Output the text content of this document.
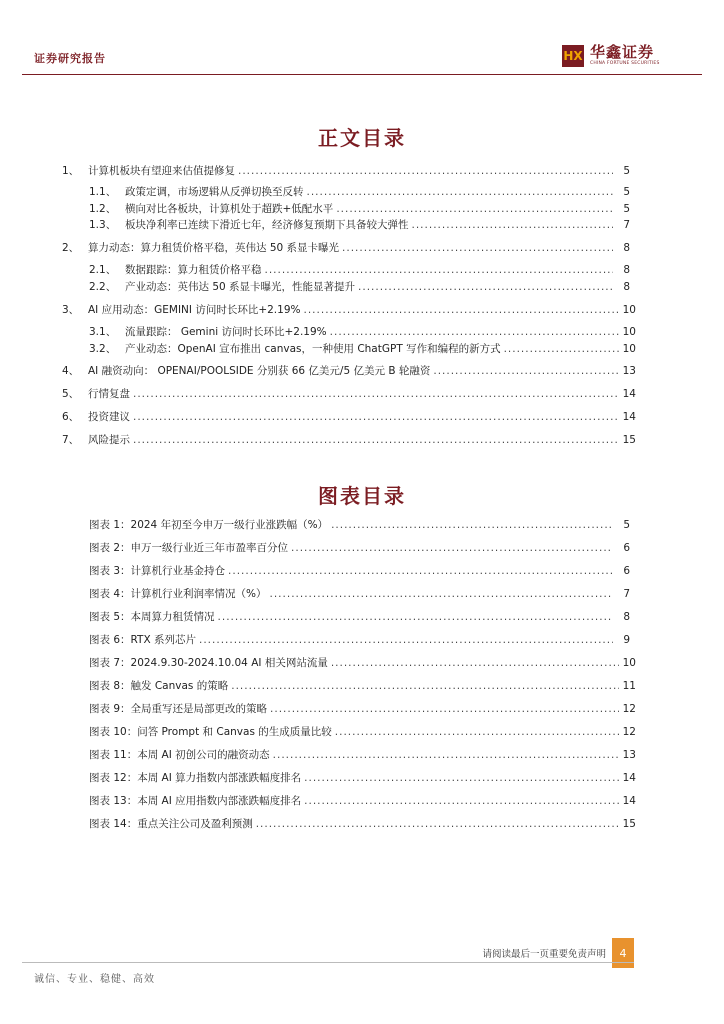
证券研究报告	HX 华鑫证券
CHINA FORTUNE SECURITIES
正文目录
1、 计算机板块有望迎来估值提修复 .....	5
1.1、 政策定调，市场逻辑从反弹切换至反转 .....	5
1.2、 横向对比各板块，计算机处于超跌+低配水平 .....	5
1.3、 板块净利率已连续下滑近七年，经济修复预期下具备较大弹性 .....	7
2、 算力动态：算力租赁价格平稳，英伟达 50 系显卡曝光 .....	8
2.1、 数据跟踪：算力租赁价格平稳 .....	8
2.2、 产业动态：英伟达 50 系显卡曝光，性能显著提升 .....	8
3、 AI 应用动态：GEMINI 访问时长环比+2.19% .....	10
3.1、 流量跟踪： Gemini 访问时长环比+2.19% .....	10
3.2、 产业动态：OpenAI 宣布推出 canvas，一种使用 ChatGPT 写作和编程的新方式 .....	10
4、 AI 融资动向： OPENAI/POOLSIDE 分别获 66 亿美元/5 亿美元 B 轮融资 .....	13
5、 行情复盘 .....	14
6、 投资建议 .....	14
7、 风险提示 .....	15
图表目录
图表 1：2024 年初至今申万一级行业涨跌幅（%） .....	5
图表 2：申万一级行业近三年市盈率百分位 .....	6
图表 3：计算机行业基金持仓 .....	6
图表 4：计算机行业利润率情况（%） .....	7
图表 5：本周算力租赁情况 .....	8
图表 6：RTX 系列芯片 .....	9
图表 7：2024.9.30-2024.10.04 AI 相关网站流量 .....	10
图表 8：触发 Canvas 的策略 .....	11
图表 9：全局重写还是局部更改的策略 .....	12
图表 10：问答 Prompt 和 Canvas 的生成质量比较 .....	12
图表 11：本周 AI 初创公司的融资动态 .....	13
图表 12：本周 AI 算力指数内部涨跌幅度排名 .....	14
图表 13：本周 AI 应用指数内部涨跌幅度排名 .....	14
图表 14：重点关注公司及盈利预测 .....	15
请阅读最后一页重要免责声明	4
诚信、专业、稳健、高效
